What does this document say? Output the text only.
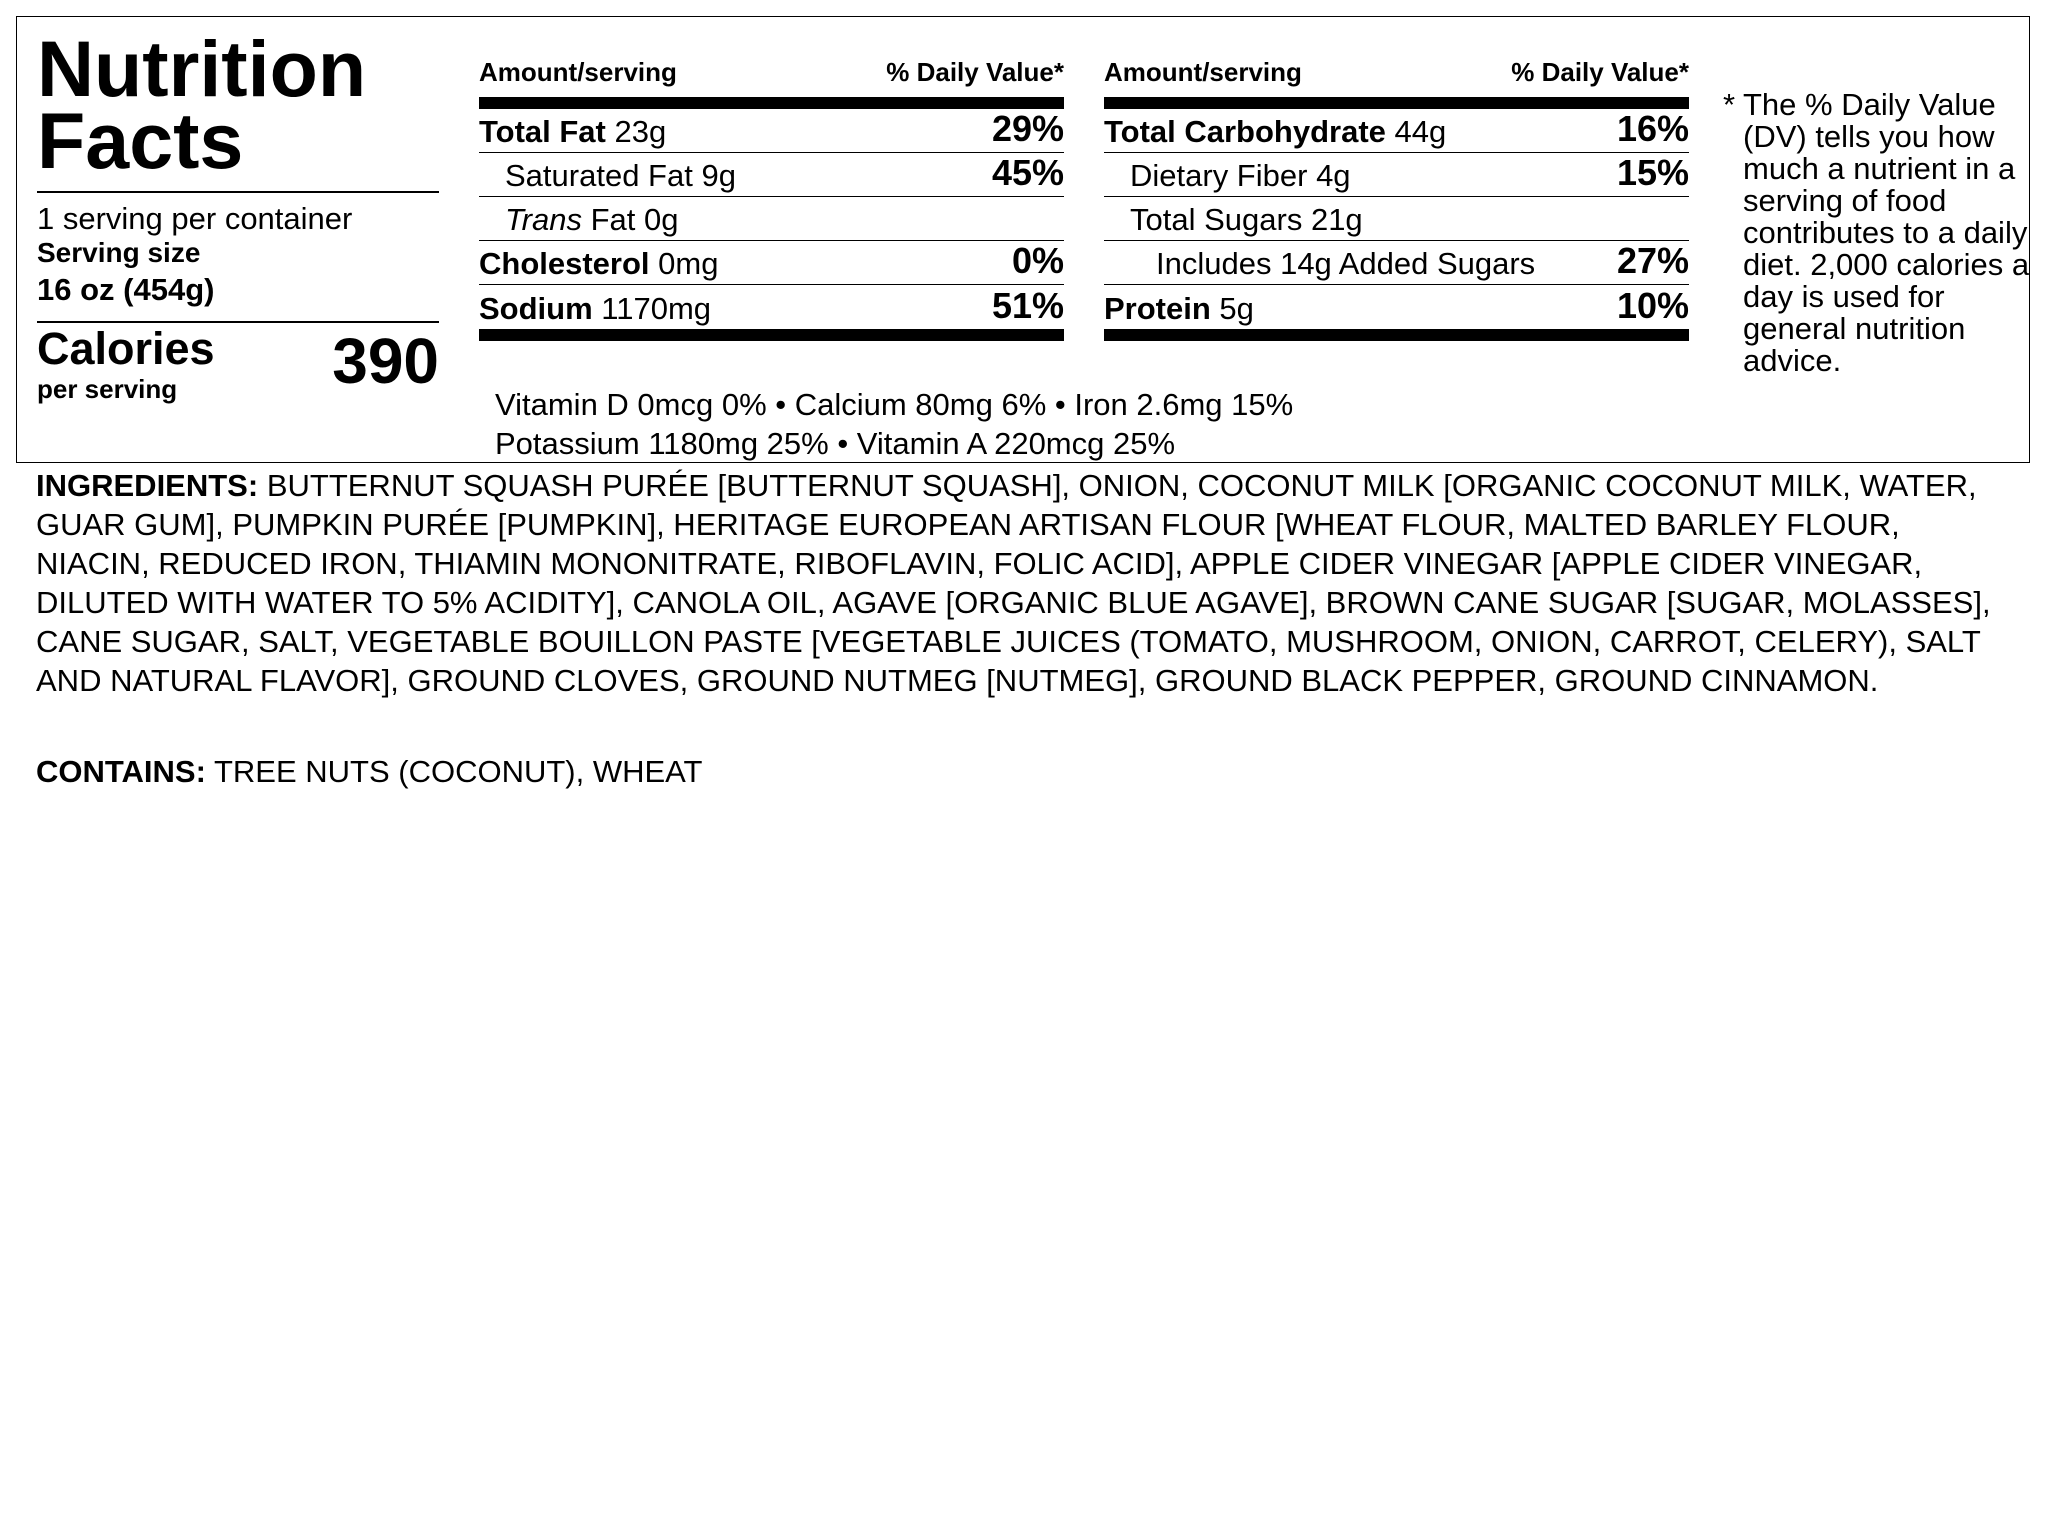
Nutrition
Facts
1 serving per container
Serving size
16 oz (454g)
Calories
per serving 390
Amount/serving	% Daily Value*
Total Fat 23g	29%
Saturated Fat 9g	45%
Trans Fat 0g
Cholesterol 0mg	0%
Sodium 1170mg	51%
Amount/serving	% Daily Value*
Total Carbohydrate 44g	16%
Dietary Fiber 4g	15%
Total Sugars 21g
Includes 14g Added Sugars 27%
Protein 5g	10%
Vitamin D 0mcg 0% • Calcium 80mg 6% • Iron 2.6mg 15%
Potassium 1180mg 25% • Vitamin A 220mcg 25%
* The % Daily Value (DV) tells you how much a nutrient in a serving of food contributes to a daily diet. 2,000 calories a day is used for general nutrition advice.
INGREDIENTS: BUTTERNUT SQUASH PURÉE [BUTTERNUT SQUASH], ONION, COCONUT MILK [ORGANIC COCONUT MILK, WATER, GUAR GUM], PUMPKIN PURÉE [PUMPKIN], HERITAGE EUROPEAN ARTISAN FLOUR [WHEAT FLOUR, MALTED BARLEY FLOUR, NIACIN, REDUCED IRON, THIAMIN MONONITRATE, RIBOFLAVIN, FOLIC ACID], APPLE CIDER VINEGAR [APPLE CIDER VINEGAR, DILUTED WITH WATER TO 5% ACIDITY], CANOLA OIL, AGAVE [ORGANIC BLUE AGAVE], BROWN CANE SUGAR [SUGAR, MOLASSES], CANE SUGAR, SALT, VEGETABLE BOUILLON PASTE [VEGETABLE JUICES (TOMATO, MUSHROOM, ONION, CARROT, CELERY), SALT AND NATURAL FLAVOR], GROUND CLOVES, GROUND NUTMEG [NUTMEG], GROUND BLACK PEPPER, GROUND CINNAMON.
CONTAINS: TREE NUTS (COCONUT), WHEAT
